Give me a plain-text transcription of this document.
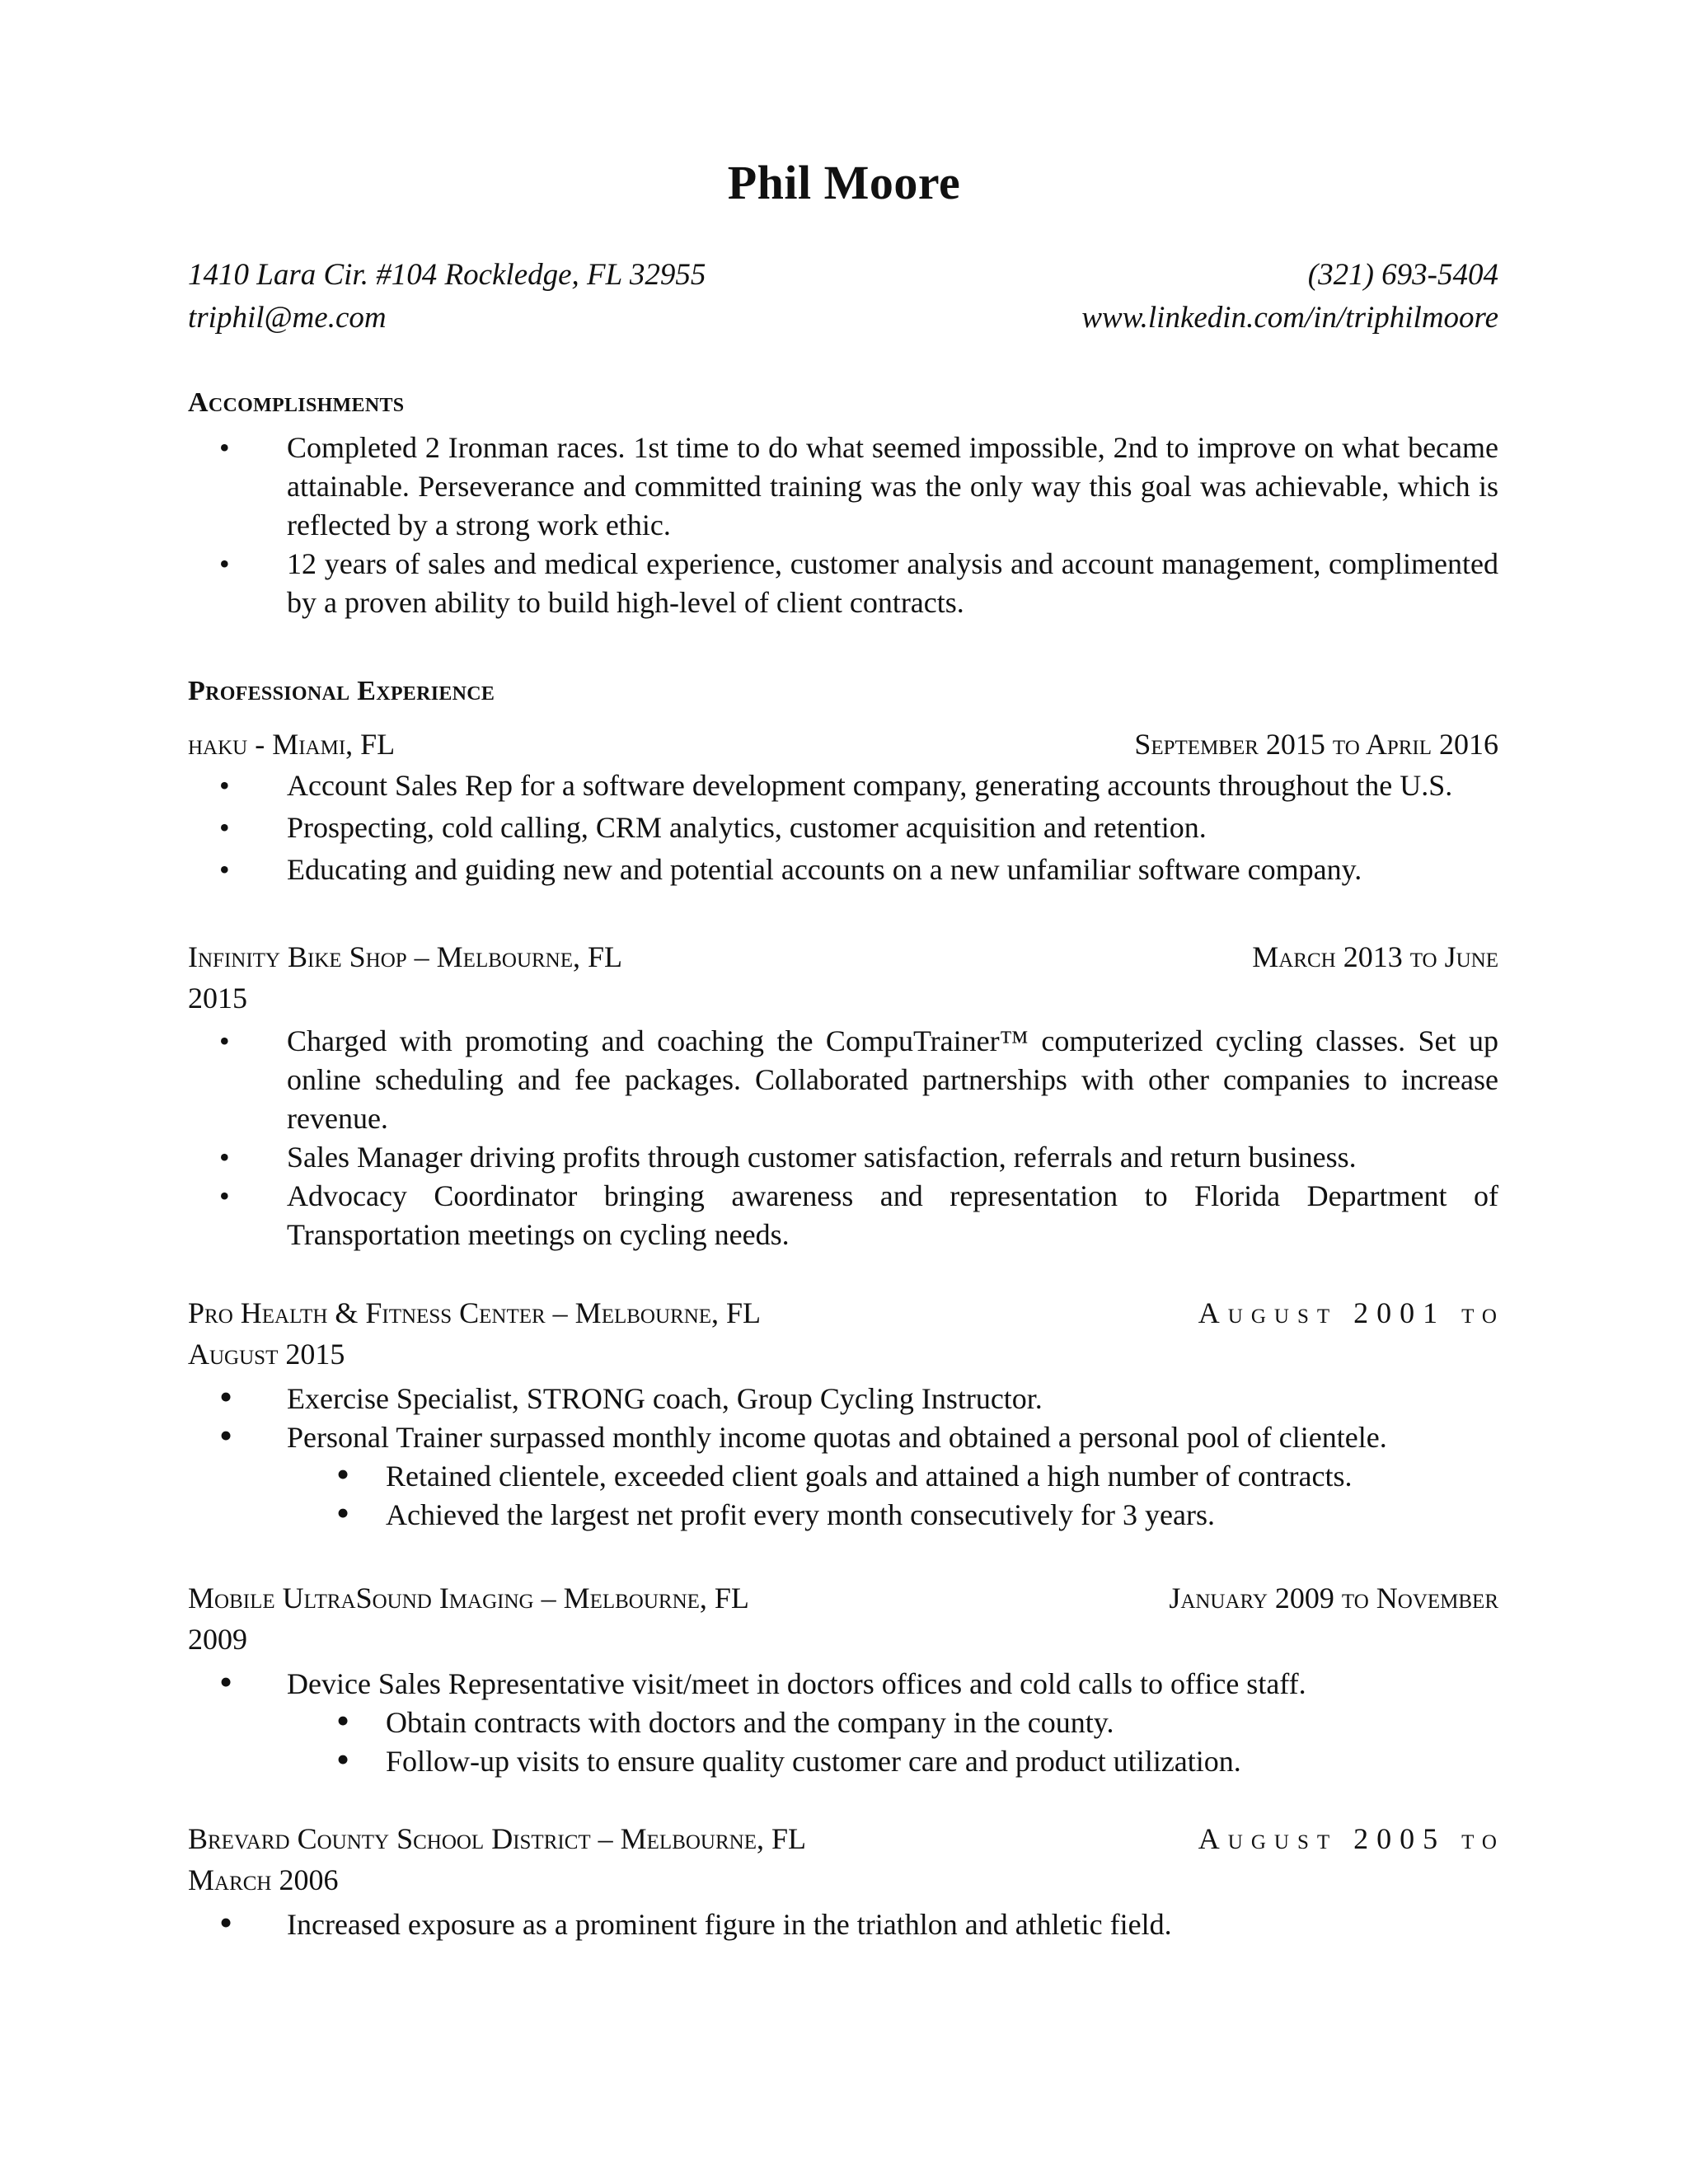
Phil Moore
1410 Lara Cir. #104 Rockledge, FL 32955	(321) 693-5404
triphil@me.com	www.linkedin.com/in/triphilmoore
Accomplishments
• Completed 2 Ironman races. 1st time to do what seemed impossible, 2nd to improve on what became attainable. Perseverance and committed training was the only way this goal was achievable, which is reflected by a strong work ethic.
• 12 years of sales and medical experience, customer analysis and account management, complimented by a proven ability to build high-level of client contracts.
Professional Experience
haku - Miami, FL	September 2015 to April 2016
• Account Sales Rep for a software development company, generating accounts throughout the U.S.
• Prospecting, cold calling, CRM analytics, customer acquisition and retention.
• Educating and guiding new and potential accounts on a new unfamiliar software company.
Infinity Bike Shop – Melbourne, FL	March 2013 to June
2015
• Charged with promoting and coaching the CompuTrainer™ computerized cycling classes. Set up online scheduling and fee packages. Collaborated partnerships with other companies to increase revenue.
• Sales Manager driving profits through customer satisfaction, referrals and return business.
• Advocacy Coordinator bringing awareness and representation to Florida Department of Transportation meetings on cycling needs.
Pro Health & Fitness Center – Melbourne, FL	August 2001 to
August 2015
• Exercise Specialist, STRONG coach, Group Cycling Instructor.
• Personal Trainer surpassed monthly income quotas and obtained a personal pool of clientele.
• Retained clientele, exceeded client goals and attained a high number of contracts.
• Achieved the largest net profit every month consecutively for 3 years.
Mobile UltraSound Imaging – Melbourne, FL	January 2009 to November
2009
• Device Sales Representative visit/meet in doctors offices and cold calls to office staff.
• Obtain contracts with doctors and the company in the county.
• Follow-up visits to ensure quality customer care and product utilization.
Brevard County School District – Melbourne, FL	August 2005 to
March 2006
• Increased exposure as a prominent figure in the triathlon and athletic field.
